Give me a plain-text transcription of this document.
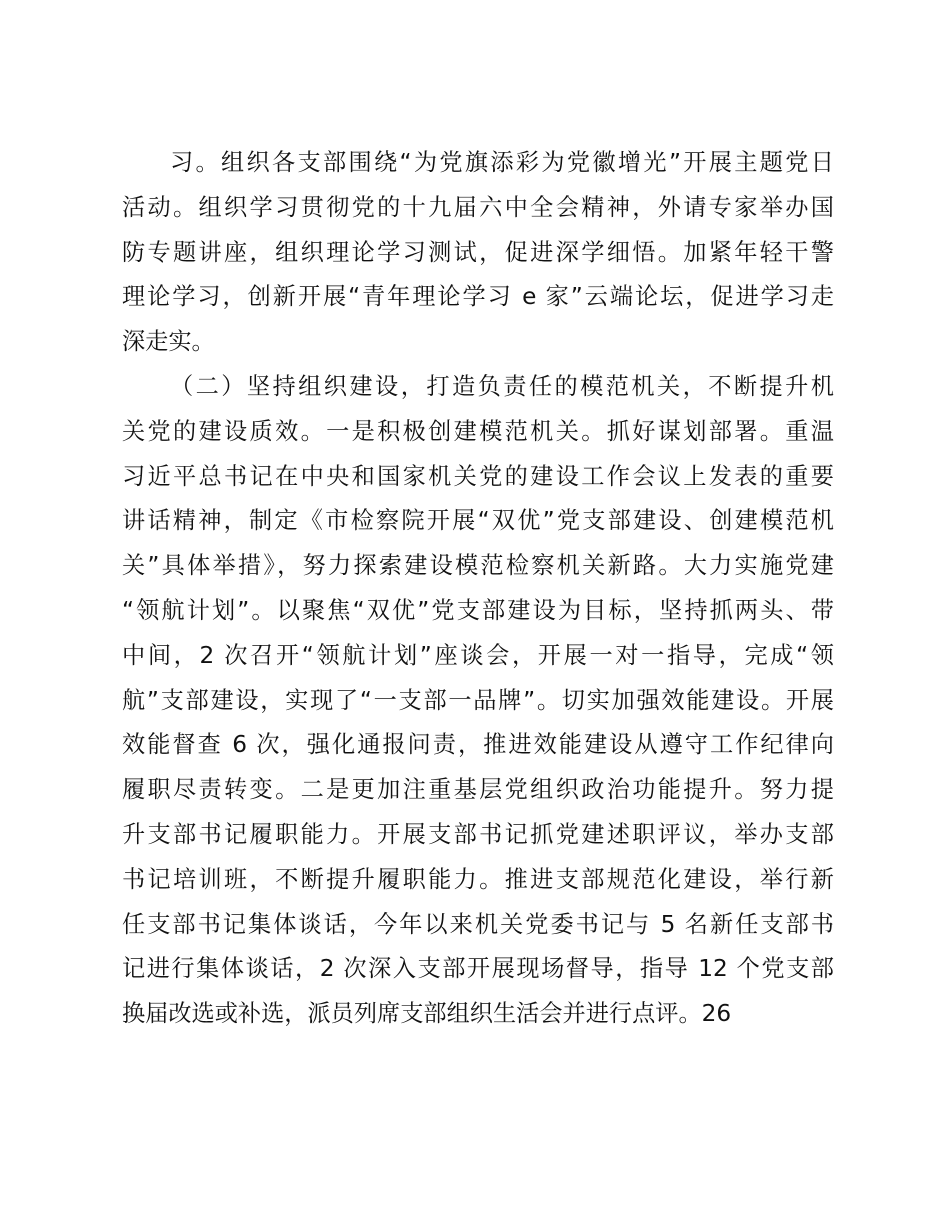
习。组织各支部围绕“为党旗添彩为党徽增光”开展主题党日
活动。组织学习贯彻党的十九届六中全会精神，外请专家举办国
防专题讲座，组织理论学习测试，促进深学细悟。加紧年轻干警
理论学习，创新开展“青年理论学习 e 家”云端论坛，促进学习走
深走实。
（二）坚持组织建设，打造负责任的模范机关，不断提升机
关党的建设质效。一是积极创建模范机关。抓好谋划部署。重温
习近平总书记在中央和国家机关党的建设工作会议上发表的重要
讲话精神，制定《市检察院开展“双优”党支部建设、创建模范机
关”具体举措》，努力探索建设模范检察机关新路。大力实施党建
“领航计划”。以聚焦“双优”党支部建设为目标，坚持抓两头、带
中间，2 次召开“领航计划”座谈会，开展一对一指导，完成“领
航”支部建设，实现了“一支部一品牌”。切实加强效能建设。开展
效能督查 6 次，强化通报问责，推进效能建设从遵守工作纪律向
履职尽责转变。二是更加注重基层党组织政治功能提升。努力提
升支部书记履职能力。开展支部书记抓党建述职评议，举办支部
书记培训班，不断提升履职能力。推进支部规范化建设，举行新
任支部书记集体谈话，今年以来机关党委书记与 5 名新任支部书
记进行集体谈话，2 次深入支部开展现场督导，指导 12 个党支部
换届改选或补选，派员列席支部组织生活会并进行点评。26
